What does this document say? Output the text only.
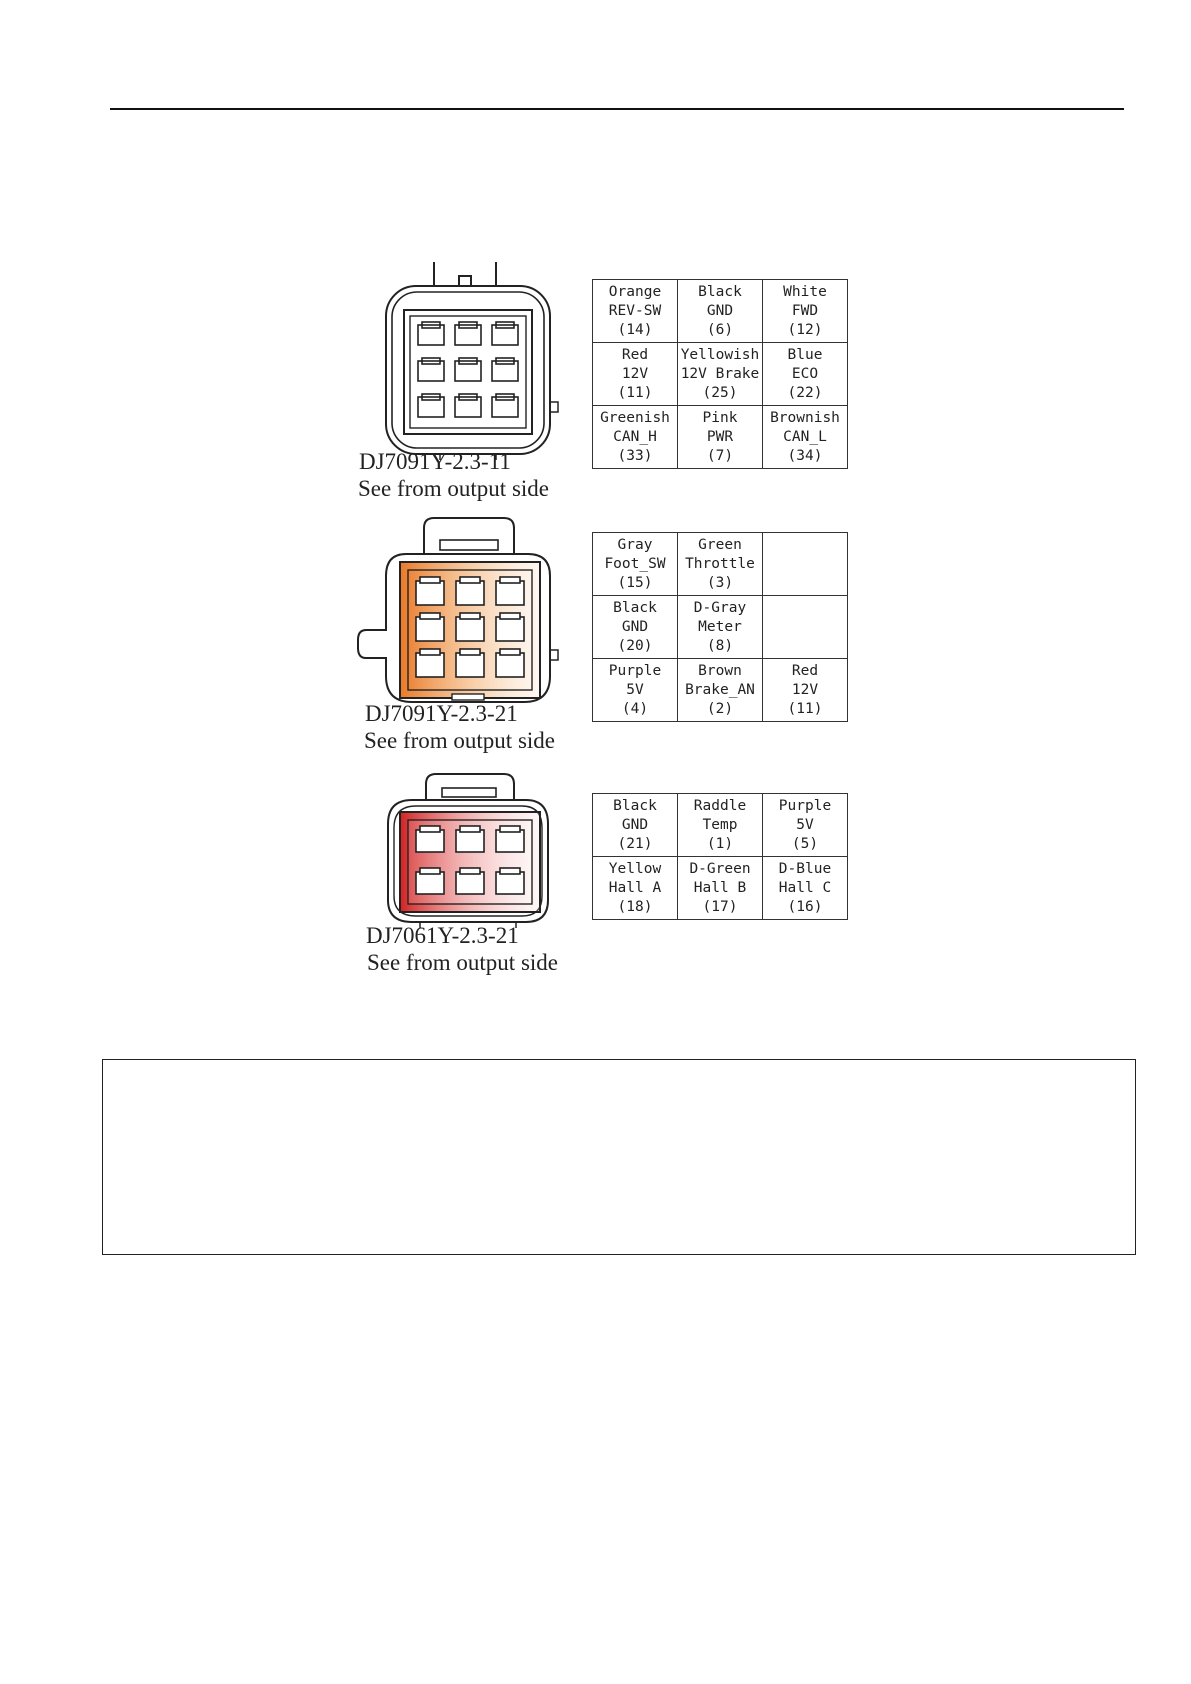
DJ7091Y-2.3-11
See from output side
Orange
REV-SW
(14)	Black
GND
(6)	White
FWD
(12)

Red
12V
(11)	Yellowish
12V Brake
(25)	Blue
ECO
(22)

Greenish
CAN_H
(33)	Pink
PWR
(7)	Brownish
CAN_L
(34)
DJ7091Y-2.3-21
See from output side
Gray
Foot_SW
(15)	Green
Throttle
(3)	

Black
GND
(20)	D-Gray
Meter
(8)	

Purple
5V
(4)	Brown
Brake_AN
(2)	Red
12V
(11)
DJ7061Y-2.3-21
See from output side
Black
GND
(21)	Raddle
Temp
(1)	Purple
5V
(5)

Yellow
Hall A
(18)	D-Green
Hall B
(17)	D-Blue
Hall C
(16)
